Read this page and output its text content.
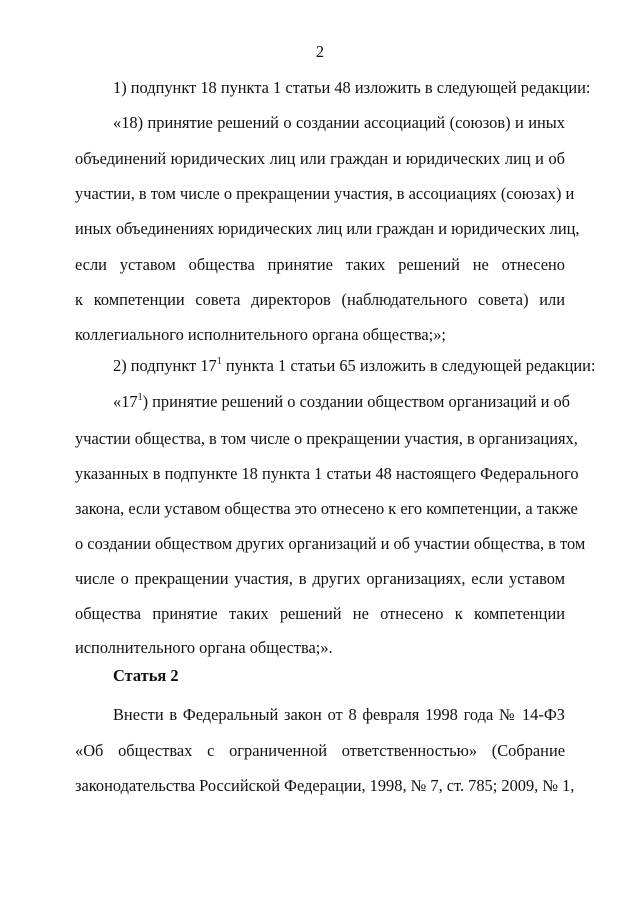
2
1) подпункт 18 пункта 1 статьи 48 изложить в следующей редакции:
«18) принятие решений о создании ассоциаций (союзов) и иных
объединений юридических лиц или граждан и юридических лиц и об
участии, в том числе о прекращении участия, в ассоциациях (союзах) и
иных объединениях юридических лиц или граждан и юридических лиц,
если уставом общества принятие таких решений не отнесено
к компетенции совета директоров (наблюдательного совета) или
коллегиального исполнительного органа общества;»;
2) подпункт $17^1$ пункта 1 статьи 65 изложить в следующей редакции:
«$17^1$) принятие решений о создании обществом организаций и об
участии общества, в том числе о прекращении участия, в организациях,
указанных в подпункте 18 пункта 1 статьи 48 настоящего Федерального
закона, если уставом общества это отнесено к его компетенции, а также
о создании обществом других организаций и об участии общества, в том
числе о прекращении участия, в других организациях, если уставом
общества принятие таких решений не отнесено к компетенции
исполнительного органа общества;».
Статья 2
Внести в Федеральный закон от 8 февраля 1998 года № 14-ФЗ
«Об обществах с ограниченной ответственностью» (Собрание
законодательства Российской Федерации, 1998, № 7, ст. 785; 2009, № 1,
